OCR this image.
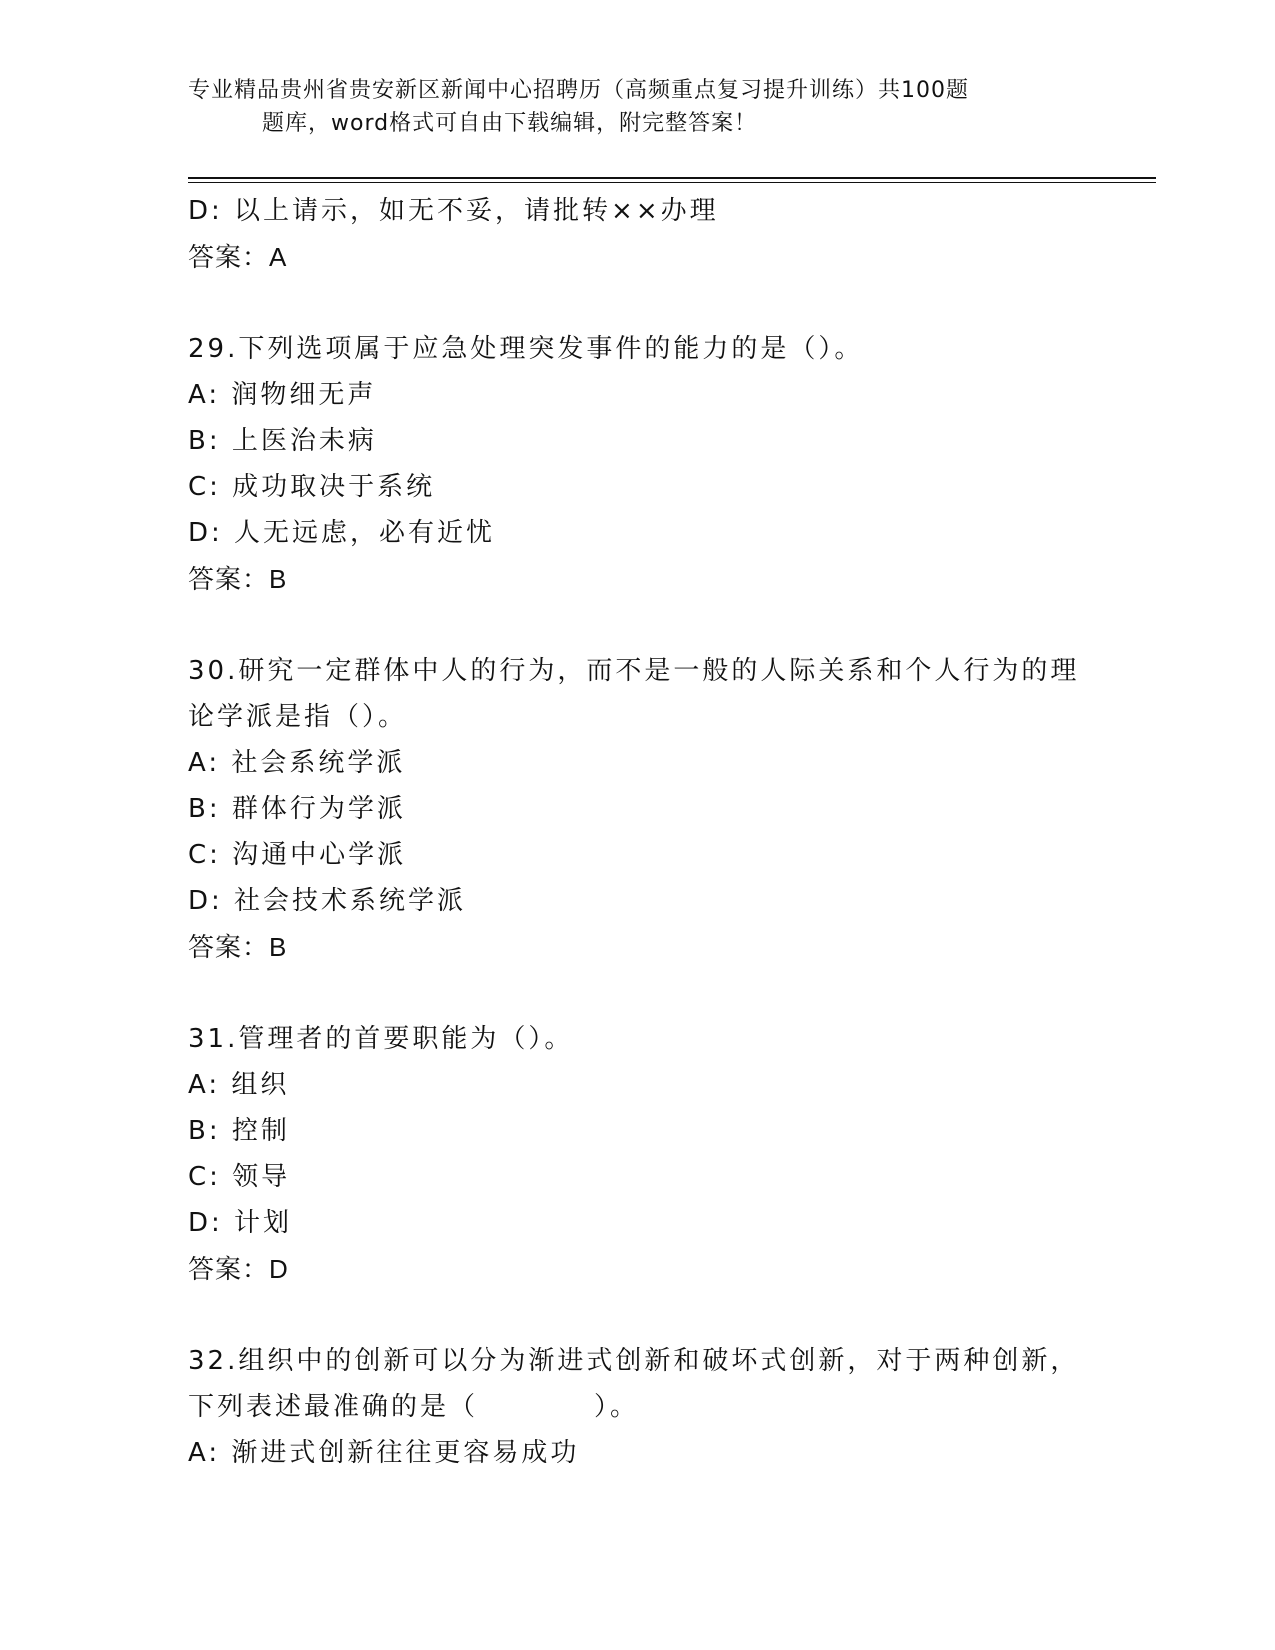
专业精品贵州省贵安新区新闻中心招聘历（高频重点复习提升训练）共100题
题库，word格式可自由下载编辑，附完整答案！
D: 以上请示，如无不妥，请批转××办理
答案：A
29.下列选项属于应急处理突发事件的能力的是（）。
A: 润物细无声
B: 上医治未病
C: 成功取决于系统
D: 人无远虑，必有近忧
答案：B
30.研究一定群体中人的行为，而不是一般的人际关系和个人行为的理
论学派是指（）。
A: 社会系统学派
B: 群体行为学派
C: 沟通中心学派
D: 社会技术系统学派
答案：B
31.管理者的首要职能为（）。
A: 组织
B: 控制
C: 领导
D: 计划
答案：D
32.组织中的创新可以分为渐进式创新和破坏式创新，对于两种创新，
下列表述最准确的是（　　　　）。
A: 渐进式创新往往更容易成功
